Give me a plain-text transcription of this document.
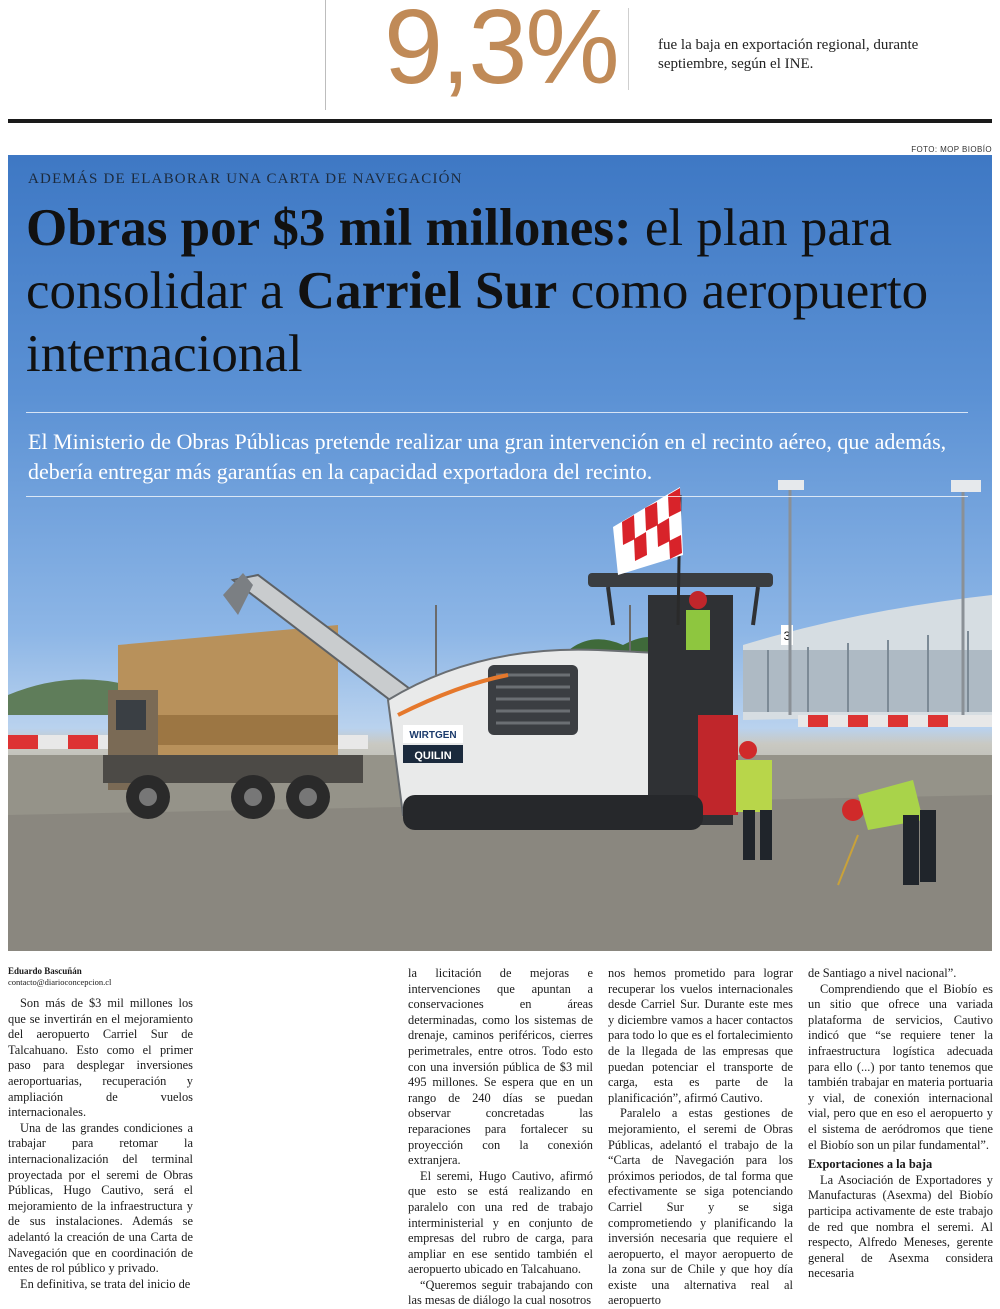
9,3%	fue la baja en exportación regional, durante septiembre, según el INE.
FOTO: MOP BIOBÍO
3
WIRTGEN
QUILIN
ADEMÁS DE ELABORAR UNA CARTA DE NAVEGACIÓN
Obras por $3 mil millones: el plan para consolidar a Carriel Sur como aeropuerto internacional

El Ministerio de Obras Públicas pretende realizar una gran intervención en el recinto aéreo, que además, debería entregar más garantías en la capacidad exportadora del recinto.

Eduardo Bascuñán
contacto@diarioconcepcion.cl

Son más de $3 mil millones los que se invertirán en el mejoramiento del aeropuerto Carriel Sur de Talcahuano. Esto como el primer paso para desplegar inversiones aeroportuarias, recuperación y ampliación de vuelos internacionales.

Una de las grandes condiciones a trabajar para retomar la internacionalización del terminal proyectada por el seremi de Obras Públicas, Hugo Cautivo, será el mejoramiento de la infraestructura y de sus instalaciones. Además se adelantó la creación de una Carta de Navegación que en coordinación de entes de rol público y privado.

En definitiva, se trata del inicio de

la licitación de mejoras e intervenciones que apuntan a conservaciones en áreas determinadas, como los sistemas de drenaje, caminos periféricos, cierres perimetrales, entre otros. Todo esto con una inversión pública de $3 mil 495 millones. Se espera que en un rango de 240 días se puedan observar concretadas las reparaciones para fortalecer su proyección con la conexión extranjera.

El seremi, Hugo Cautivo, afirmó que esto se está realizando en paralelo con una red de trabajo interministerial y en conjunto de empresas del rubro de carga, para ampliar en ese sentido también el aeropuerto ubicado en Talcahuano.

“Queremos seguir trabajando con las mesas de diálogo la cual nosotros

nos hemos prometido para lograr recuperar los vuelos internacionales desde Carriel Sur. Durante este mes y diciembre vamos a hacer contactos para todo lo que es el fortalecimiento de la llegada de las empresas que puedan potenciar el transporte de carga, esta es parte de la planificación”, afirmó Cautivo.

Paralelo a estas gestiones de mejoramiento, el seremi de Obras Públicas, adelantó el trabajo de la “Carta de Navegación para los próximos periodos, de tal forma que efectivamente se siga potenciando Carriel Sur y se siga comprometiendo y planificando la inversión necesaria que requiere el aeropuerto, el mayor aeropuerto de la zona sur de Chile y que hoy día existe una alternativa real al aeropuerto

de Santiago a nivel nacional”.

Comprendiendo que el Biobío es un sitio que ofrece una variada plataforma de servicios, Cautivo indicó que “se requiere tener la infraestructura logística adecuada para ello (...) por tanto tenemos que también trabajar en materia portuaria y vial, de conexión internacional vial, pero que en eso el aeropuerto y el sistema de aeródromos que tiene el Biobío son un pilar fundamental”.

Exportaciones a la baja

La Asociación de Exportadores y Manufacturas (Asexma) del Biobío participa activamente de este trabajo de red que nombra el seremi. Al respecto, Alfredo Meneses, gerente general de Asexma considera necesaria
